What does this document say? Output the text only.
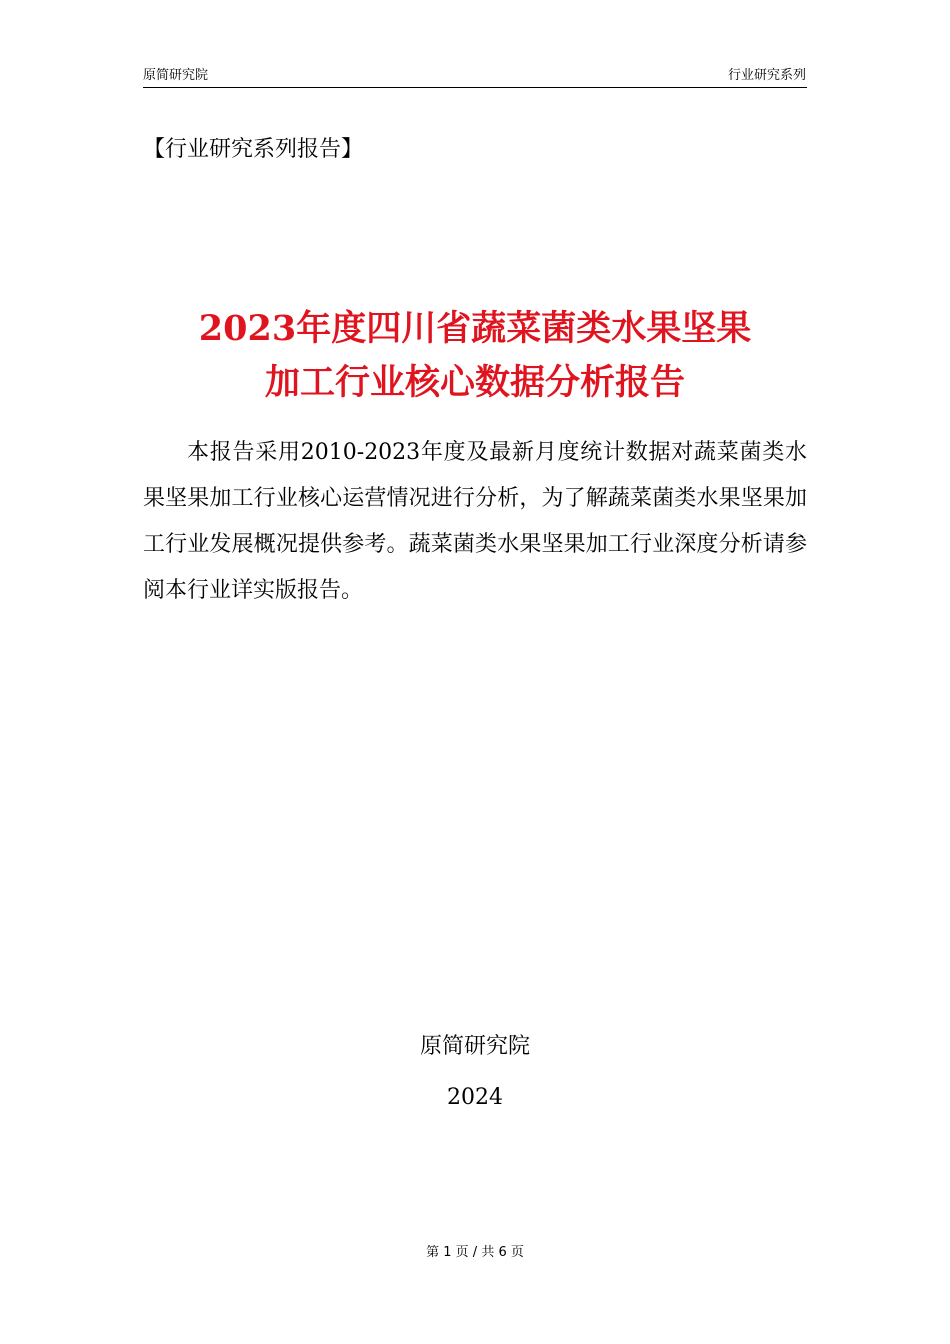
原简研究院	行业研究系列
【行业研究系列报告】
2023年度四川省蔬菜菌类水果坚果
加工行业核心数据分析报告
本报告采用2010-2023年度及最新月度统计数据对蔬菜菌类水果坚果加工行业核心运营情况进行分析，为了解蔬菜菌类水果坚果加工行业发展概况提供参考。蔬菜菌类水果坚果加工行业深度分析请参阅本行业详实版报告。
原简研究院
2024
第 1 页 / 共 6 页
